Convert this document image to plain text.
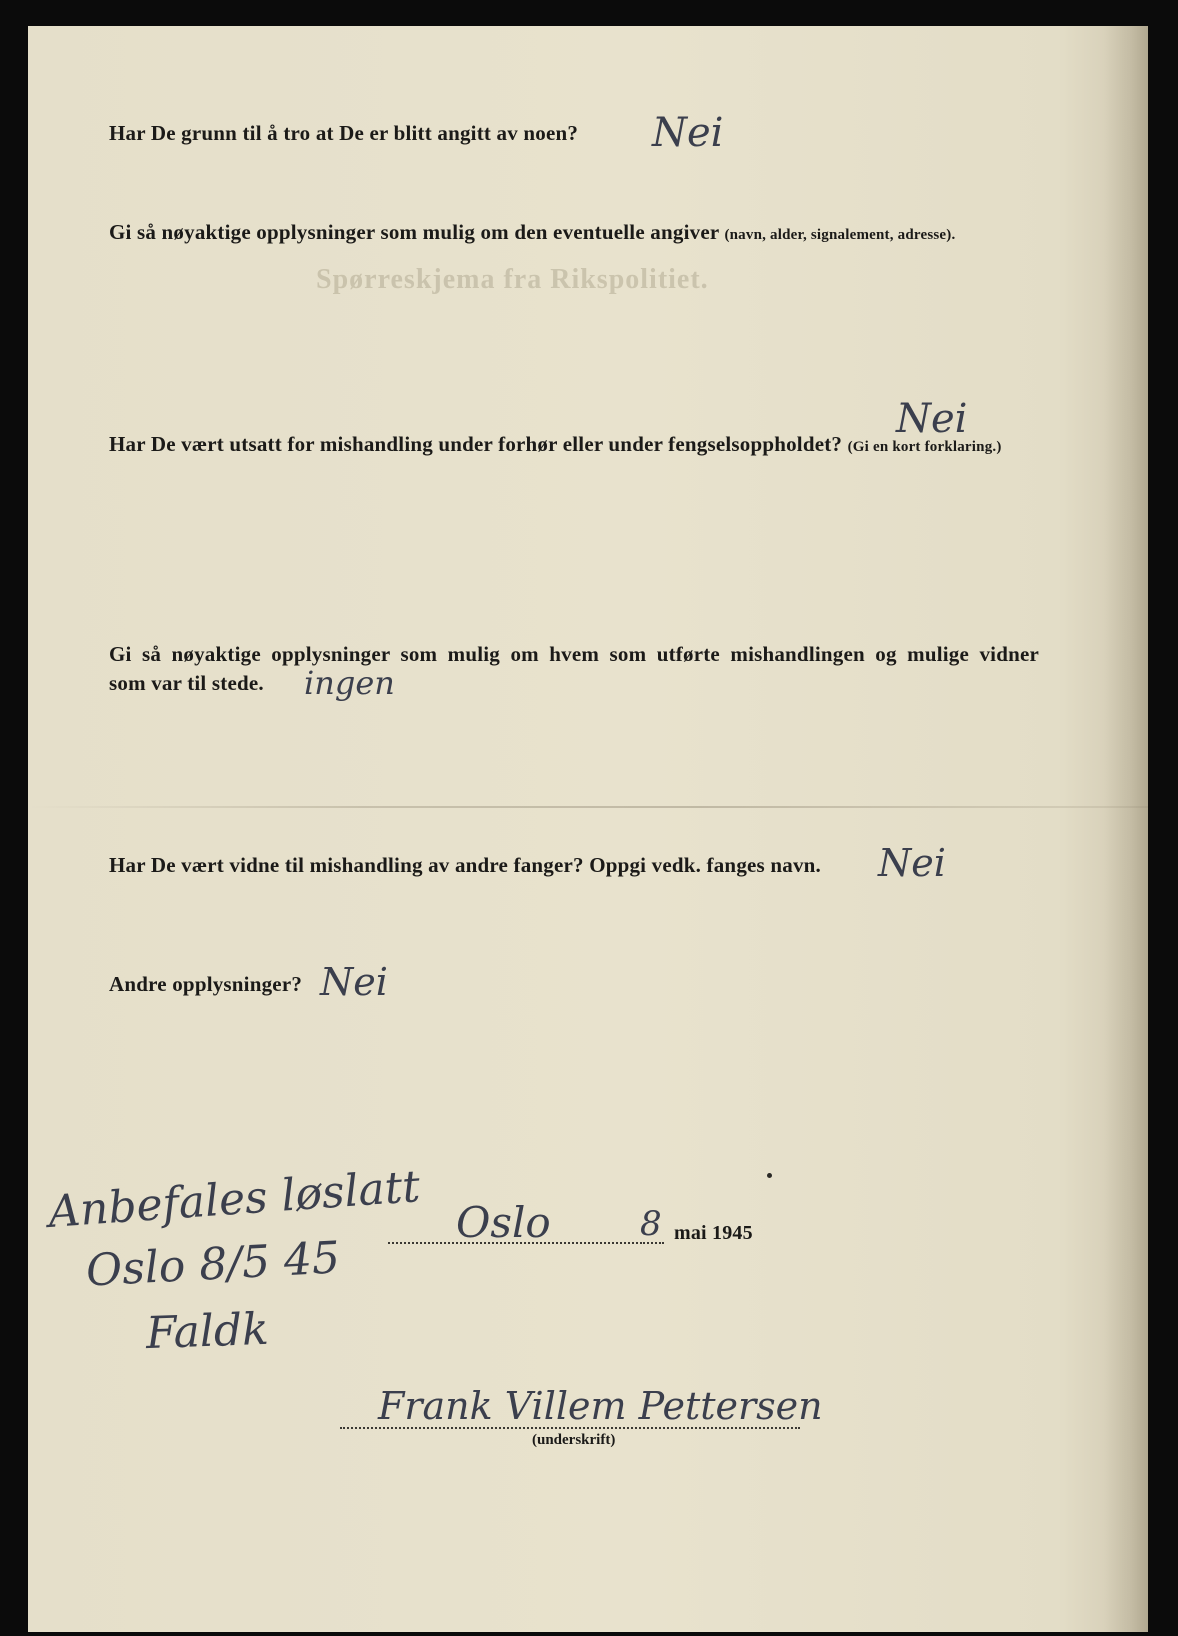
Spørreskjema fra Rikspolitiet.
Har De grunn til å tro at De er blitt angitt av noen? Nei
Gi så nøyaktige opplysninger som mulig om den eventuelle angiver (navn, alder, signalement, adresse).
Har De vært utsatt for mishandling under forhør eller under fengselsoppholdet? (Gi en kort forklaring.)
Nei
Gi så nøyaktige opplysninger som mulig om hvem som utførte mishandlingen og mulige vidner
som var til stede. ingen
Har De vært vidne til mishandling av andre fanger? Oppgi vedk. fanges navn. Nei
Andre opplysninger? Nei
Anbefales løslatt
Oslo 8/5 45
Faldk
Oslo	8 mai 1945
Frank Villem Pettersen
(underskrift)
